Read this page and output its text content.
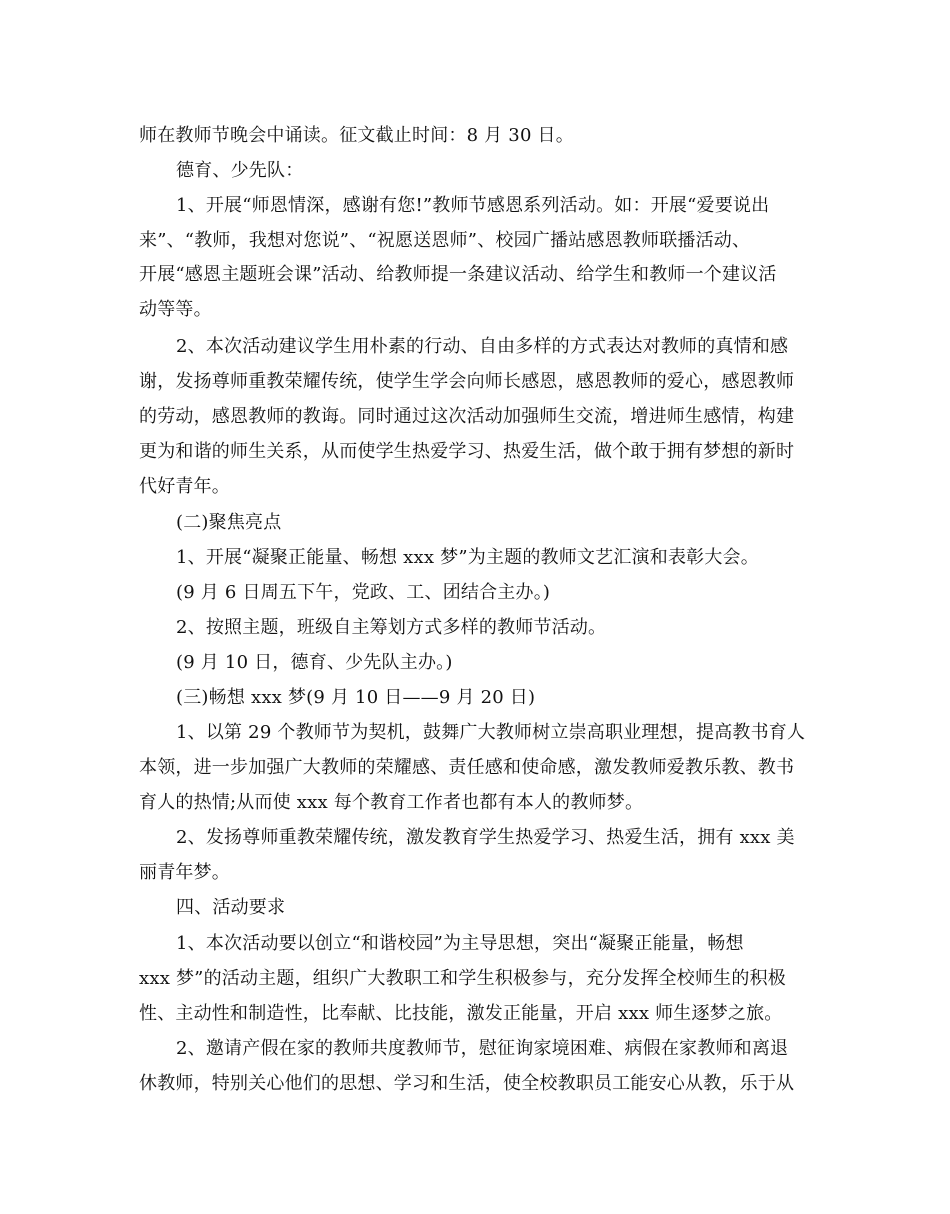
师在教师节晚会中诵读。征文截止时间：8 月 30 日。
德育、少先队：
1、开展“师恩情深，感谢有您!”教师节感恩系列活动。如：开展“爱要说出
来”、“教师，我想对您说”、“祝愿送恩师”、校园广播站感恩教师联播活动、
开展“感恩主题班会课”活动、给教师提一条建议活动、给学生和教师一个建议活
动等等。
2、本次活动建议学生用朴素的行动、自由多样的方式表达对教师的真情和感
谢，发扬尊师重教荣耀传统，使学生学会向师长感恩，感恩教师的爱心，感恩教师
的劳动，感恩教师的教诲。同时通过这次活动加强师生交流，增进师生感情，构建
更为和谐的师生关系，从而使学生热爱学习、热爱生活，做个敢于拥有梦想的新时
代好青年。
(二)聚焦亮点
1、开展“凝聚正能量、畅想 xxx 梦”为主题的教师文艺汇演和表彰大会。
(9 月 6 日周五下午，党政、工、团结合主办。)
2、按照主题，班级自主筹划方式多样的教师节活动。
(9 月 10 日，德育、少先队主办。)
(三)畅想 xxx 梦(9 月 10 日——9 月 20 日)
1、以第 29 个教师节为契机，鼓舞广大教师树立崇高职业理想，提高教书育人
本领，进一步加强广大教师的荣耀感、责任感和使命感，激发教师爱教乐教、教书
育人的热情;从而使 xxx 每个教育工作者也都有本人的教师梦。
2、发扬尊师重教荣耀传统，激发教育学生热爱学习、热爱生活，拥有 xxx 美
丽青年梦。
四、活动要求
1、本次活动要以创立“和谐校园”为主导思想，突出“凝聚正能量，畅想
xxx 梦”的活动主题，组织广大教职工和学生积极参与，充分发挥全校师生的积极
性、主动性和制造性，比奉献、比技能，激发正能量，开启 xxx 师生逐梦之旅。
2、邀请产假在家的教师共度教师节，慰征询家境困难、病假在家教师和离退
休教师，特别关心他们的思想、学习和生活，使全校教职员工能安心从教，乐于从
